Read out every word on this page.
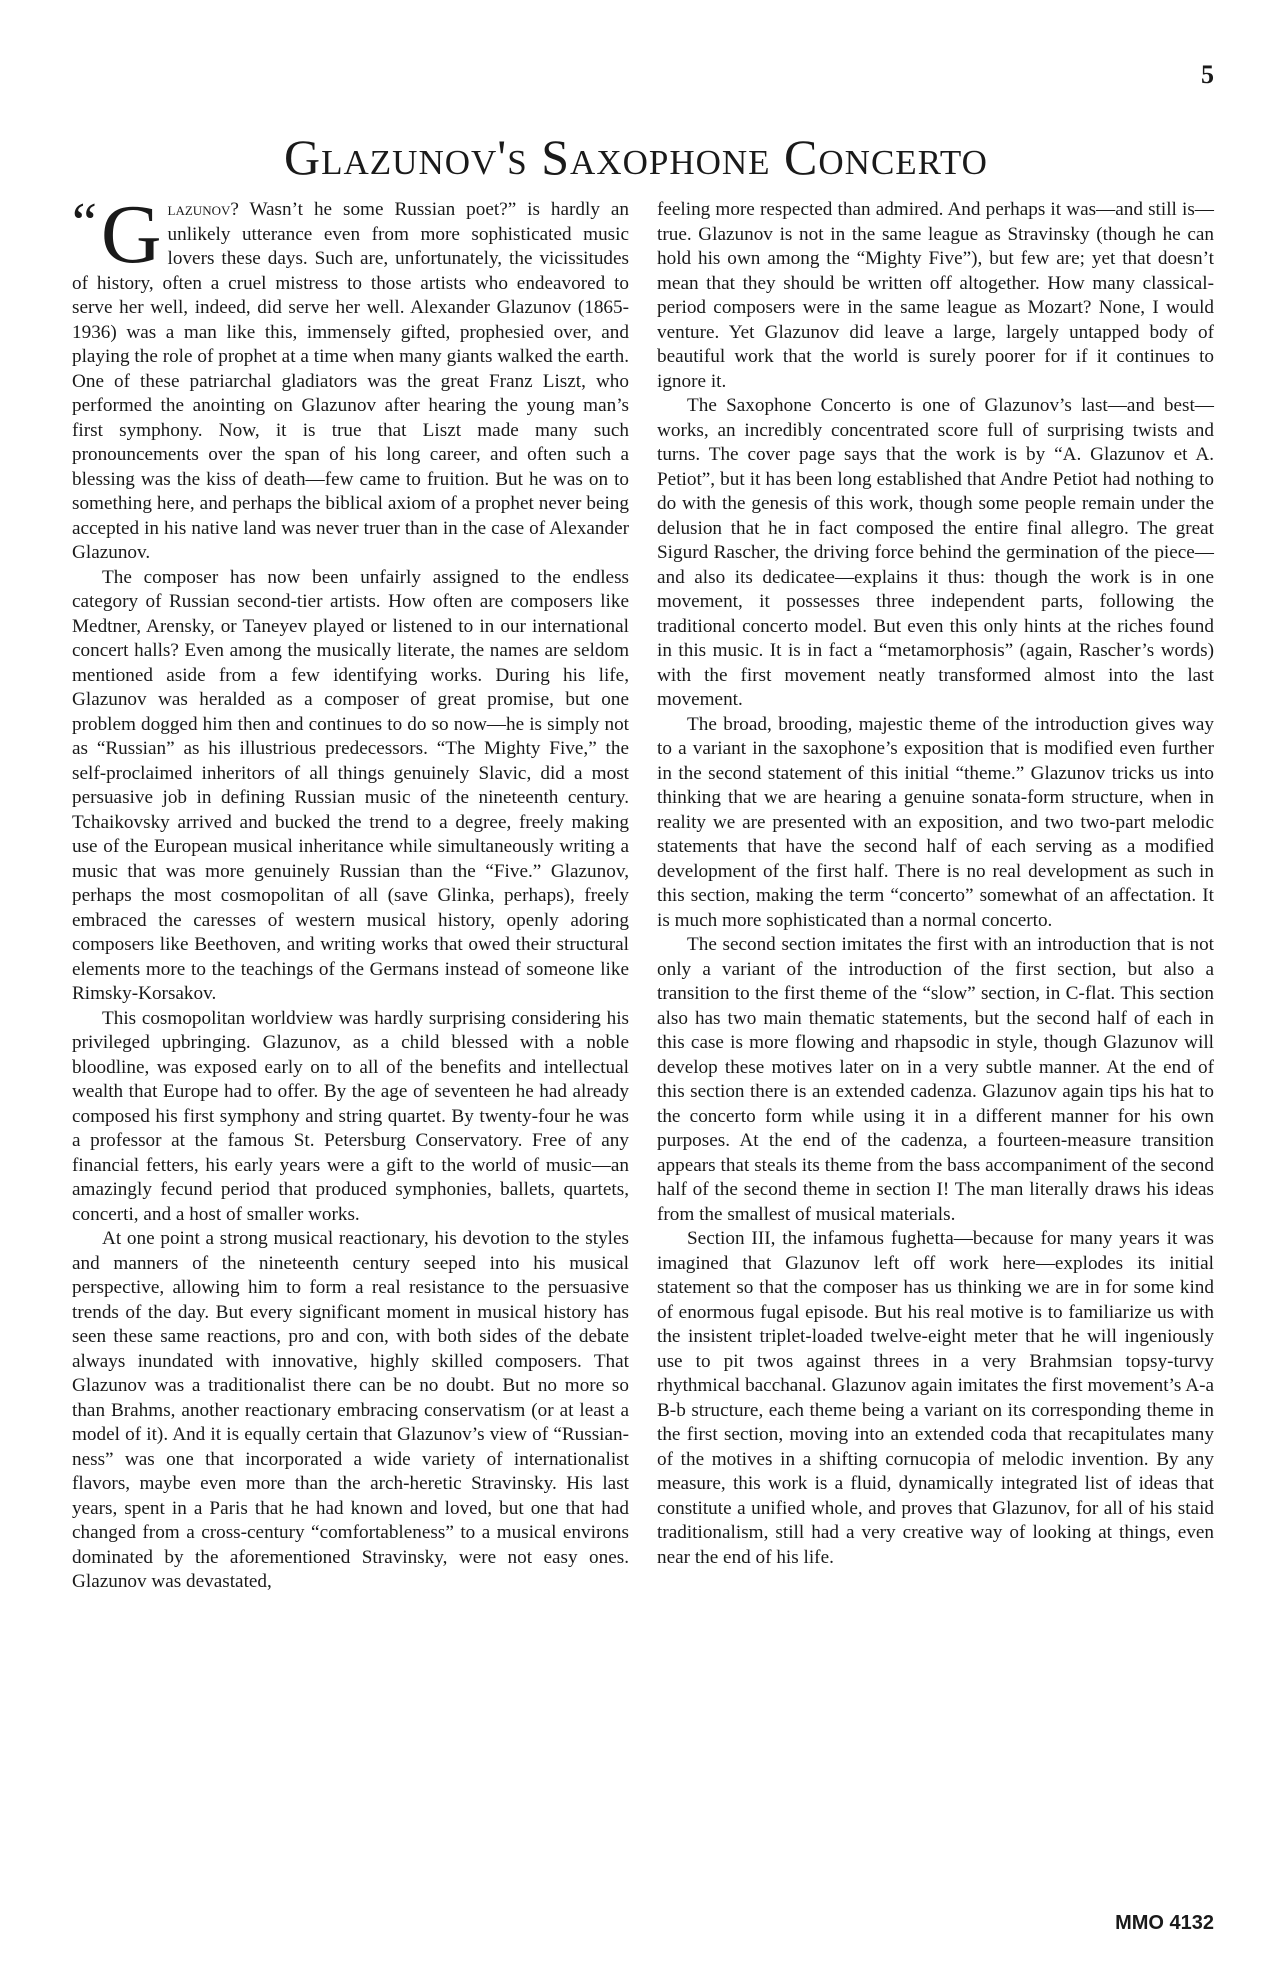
5
Glazunov's Saxophone Concerto

“ G lazunov? Wasn’t he some Russian poet?” is hardly an unlikely utterance even from more sophisticated music lovers these days. Such are, unfortunately, the vicissitudes of history, often a cruel mistress to those artists who endeavored to serve her well, indeed, did serve her well. Alexander Glazunov (1865-1936) was a man like this, immensely gifted, prophesied over, and playing the role of prophet at a time when many giants walked the earth. One of these patriarchal gladiators was the great Franz Liszt, who performed the anointing on Glazunov after hearing the young man’s first symphony. Now, it is true that Liszt made many such pronouncements over the span of his long career, and often such a blessing was the kiss of death—few came to fruition. But he was on to something here, and perhaps the biblical axiom of a prophet never being accepted in his native land was never truer than in the case of Alexander Glazunov.

The composer has now been unfairly assigned to the endless category of Russian second-tier artists. How often are composers like Medtner, Arensky, or Taneyev played or listened to in our international concert halls? Even among the musically literate, the names are seldom mentioned aside from a few identifying works. During his life, Glazunov was heralded as a composer of great promise, but one problem dogged him then and continues to do so now—he is simply not as “Russian” as his illustrious predecessors. “The Mighty Five,” the self-proclaimed inheritors of all things genuinely Slavic, did a most persuasive job in defining Russian music of the nineteenth century. Tchaikovsky arrived and bucked the trend to a degree, freely making use of the European musical inheritance while simultaneously writing a music that was more genuinely Russian than the “Five.” Glazunov, perhaps the most cosmopolitan of all (save Glinka, perhaps), freely embraced the caresses of western musical history, openly adoring composers like Beethoven, and writing works that owed their structural elements more to the teachings of the Germans instead of someone like Rimsky-Korsakov.

This cosmopolitan worldview was hardly surprising considering his privileged upbringing. Glazunov, as a child blessed with a noble bloodline, was exposed early on to all of the benefits and intellectual wealth that Europe had to offer. By the age of seventeen he had already composed his first symphony and string quartet. By twenty-four he was a professor at the famous St. Petersburg Conservatory. Free of any financial fetters, his early years were a gift to the world of music—an amazingly fecund period that produced symphonies, ballets, quartets, concerti, and a host of smaller works.

At one point a strong musical reactionary, his devotion to the styles and manners of the nineteenth century seeped into his musical perspective, allowing him to form a real resistance to the persuasive trends of the day. But every significant moment in musical history has seen these same reactions, pro and con, with both sides of the debate always inundated with innovative, highly skilled composers. That Glazunov was a traditionalist there can be no doubt. But no more so than Brahms, another reactionary embracing conservatism (or at least a model of it). And it is equally certain that Glazunov’s view of “Russian-ness” was one that incorporated a wide variety of internationalist flavors, maybe even more than the arch-heretic Stravinsky. His last years, spent in a Paris that he had known and loved, but one that had changed from a cross-century “comfortableness” to a musical environs dominated by the aforementioned Stravinsky, were not easy ones. Glazunov was devastated,

feeling more respected than admired. And perhaps it was—and still is—true. Glazunov is not in the same league as Stravinsky (though he can hold his own among the “Mighty Five”), but few are; yet that doesn’t mean that they should be written off altogether. How many classical-period composers were in the same league as Mozart? None, I would venture. Yet Glazunov did leave a large, largely untapped body of beautiful work that the world is surely poorer for if it continues to ignore it.

The Saxophone Concerto is one of Glazunov’s last—and best—works, an incredibly concentrated score full of surprising twists and turns. The cover page says that the work is by “A. Glazunov et A. Petiot”, but it has been long established that Andre Petiot had nothing to do with the genesis of this work, though some people remain under the delusion that he in fact composed the entire final allegro. The great Sigurd Rascher, the driving force behind the germination of the piece—and also its dedicatee—explains it thus: though the work is in one movement, it possesses three independent parts, following the traditional concerto model. But even this only hints at the riches found in this music. It is in fact a “metamorphosis” (again, Rascher’s words) with the first movement neatly transformed almost into the last movement.

The broad, brooding, majestic theme of the introduction gives way to a variant in the saxophone’s exposition that is modified even further in the second statement of this initial “theme.” Glazunov tricks us into thinking that we are hearing a genuine sonata-form structure, when in reality we are presented with an exposition, and two two-part melodic statements that have the second half of each serving as a modified development of the first half. There is no real development as such in this section, making the term “concerto” somewhat of an affectation. It is much more sophisticated than a normal concerto.

The second section imitates the first with an introduction that is not only a variant of the introduction of the first section, but also a transition to the first theme of the “slow” section, in C-flat. This section also has two main thematic statements, but the second half of each in this case is more flowing and rhapsodic in style, though Glazunov will develop these motives later on in a very subtle manner. At the end of this section there is an extended cadenza. Glazunov again tips his hat to the concerto form while using it in a different manner for his own purposes. At the end of the cadenza, a fourteen-measure transition appears that steals its theme from the bass accompaniment of the second half of the second theme in section I! The man literally draws his ideas from the smallest of musical materials.

Section III, the infamous fughetta—because for many years it was imagined that Glazunov left off work here—explodes its initial statement so that the composer has us thinking we are in for some kind of enormous fugal episode. But his real motive is to familiarize us with the insistent triplet-loaded twelve-eight meter that he will ingeniously use to pit twos against threes in a very Brahmsian topsy-turvy rhythmical bacchanal. Glazunov again imitates the first movement’s A-a B-b structure, each theme being a variant on its corresponding theme in the first section, moving into an extended coda that recapitulates many of the motives in a shifting cornucopia of melodic invention. By any measure, this work is a fluid, dynamically integrated list of ideas that constitute a unified whole, and proves that Glazunov, for all of his staid traditionalism, still had a very creative way of looking at things, even near the end of his life.

MMO 4132
